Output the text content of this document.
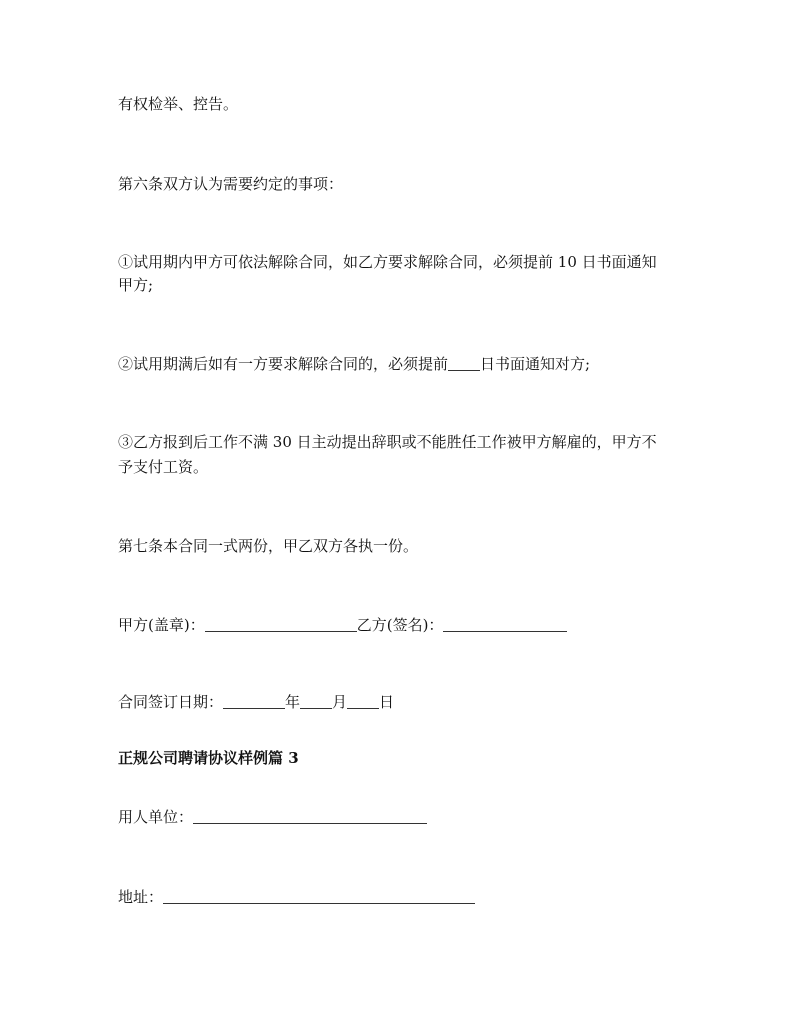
有权检举、控告。
第六条双方认为需要约定的事项：
①试用期内甲方可依法解除合同，如乙方要求解除合同，必须提前 10 日书面通知
甲方;
②试用期满后如有一方要求解除合同的，必须提前 日书面通知对方;
③乙方报到后工作不满 30 日主动提出辞职或不能胜任工作被甲方解雇的，甲方不
予支付工资。
第七条本合同一式两份，甲乙双方各执一份。
甲方(盖章)：	乙方(签名)：
合同签订日期：	年 月 日
正规公司聘请协议样例篇 3
用人单位：
地址：
